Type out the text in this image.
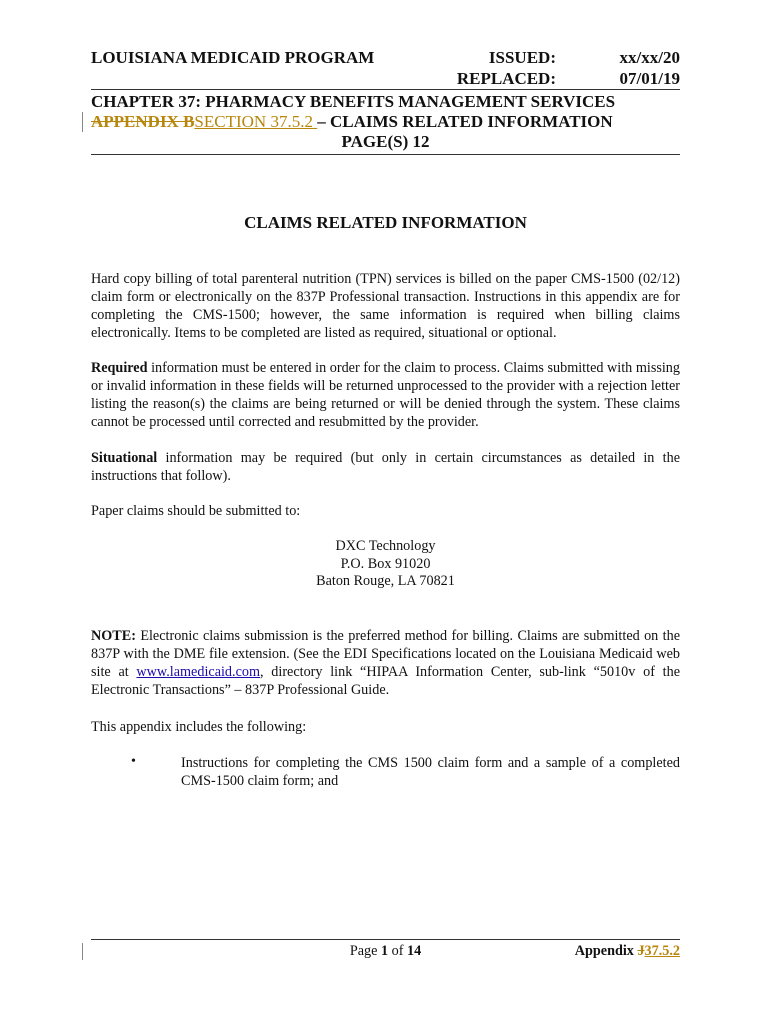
LOUISIANA MEDICAID PROGRAM	ISSUED:	xx/xx/20
REPLACED:	07/01/19
CHAPTER 37: PHARMACY BENEFITS MANAGEMENT SERVICES
APPENDIX BSECTION 37.5.2 – CLAIMS RELATED INFORMATION
PAGE(S) 12
CLAIMS RELATED INFORMATION
Hard copy billing of total parenteral nutrition (TPN) services is billed on the paper CMS-1500 (02/12) claim form or electronically on the 837P Professional transaction. Instructions in this appendix are for completing the CMS-1500; however, the same information is required when billing claims electronically. Items to be completed are listed as required, situational or optional.
Required information must be entered in order for the claim to process. Claims submitted with missing or invalid information in these fields will be returned unprocessed to the provider with a rejection letter listing the reason(s) the claims are being returned or will be denied through the system. These claims cannot be processed until corrected and resubmitted by the provider.
Situational information may be required (but only in certain circumstances as detailed in the instructions that follow).
Paper claims should be submitted to:
DXC Technology
P.O. Box 91020
Baton Rouge, LA 70821
NOTE: Electronic claims submission is the preferred method for billing. Claims are submitted on the 837P with the DME file extension. (See the EDI Specifications located on the Louisiana Medicaid web site at www.lamedicaid.com, directory link “HIPAA Information Center, sub-link “5010v of the Electronic Transactions” – 837P Professional Guide.
This appendix includes the following:
•	Instructions for completing the CMS 1500 claim form and a sample of a completed CMS-1500 claim form; and
Page 1 of 14	Appendix J37.5.2
